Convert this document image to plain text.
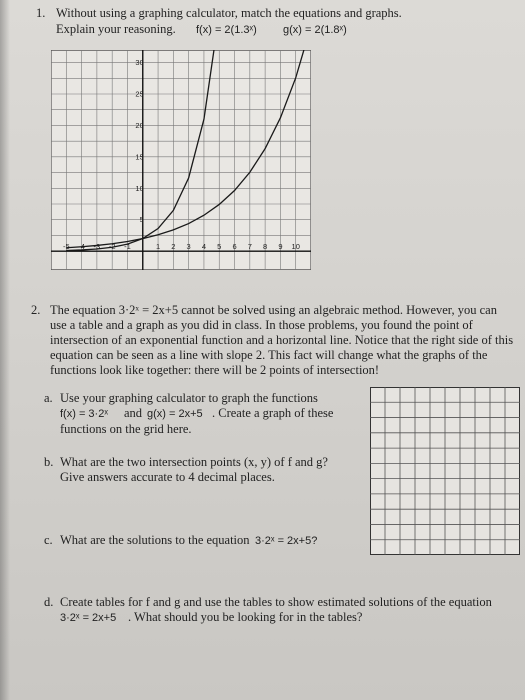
1. Without using a graphing calculator, match the equations and graphs.
Explain your reasoning. f(x) = 2(1.3ˣ) g(x) = 2(1.8ˣ)
-5 -4 -3 -2 -1	1 2 3 4 5 6 7 8 9 10
5
10
15
20
25
30
2. The equation 3·2ˣ = 2x+5 cannot be solved using an algebraic method. However, you can
use a table and a graph as you did in class. In those problems, you found the point of
intersection of an exponential function and a horizontal line. Notice that the right side of this
equation can be seen as a line with slope 2. This fact will change what the graphs of the
functions look like together: there will be 2 points of intersection!
a. Use your graphing calculator to graph the functions
f(x) = 3·2ˣ and g(x) = 2x+5 . Create a graph of these
functions on the grid here.
b. What are the two intersection points (x, y) of f and g?
Give answers accurate to 4 decimal places.
c. What are the solutions to the equation 3·2ˣ = 2x+5?
d. Create tables for f and g and use the tables to show estimated solutions of the equation
3·2ˣ = 2x+5 . What should you be looking for in the tables?
